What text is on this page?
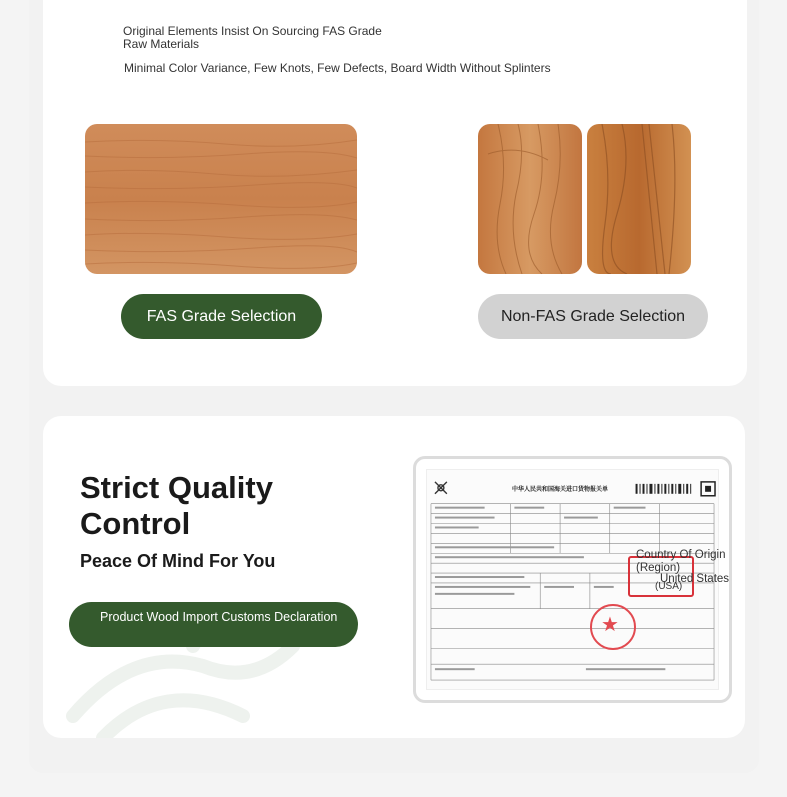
Original Elements Insist On Sourcing FAS Grade Raw Materials
Minimal Color Variance, Few Knots, Few Defects, Board Width Without Splinters
FAS Grade Selection	Non-FAS Grade Selection
Strict Quality Control
Peace Of Mind For You
Product Wood Import Customs Declaration
中华人民共和国海关进口货物报关单
Country Of Origin (Region)
United States
(USA)
★
